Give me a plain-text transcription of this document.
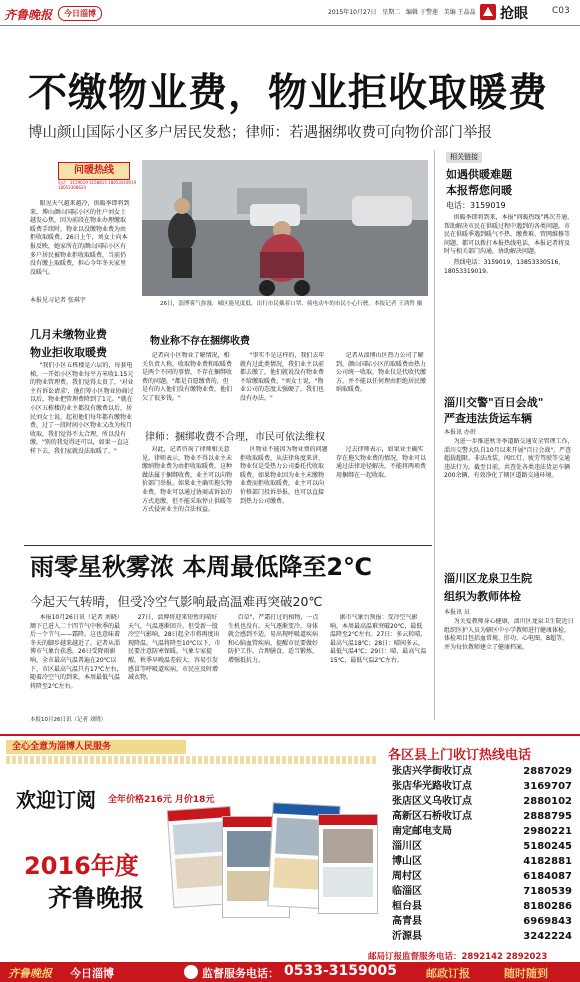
齐鲁晚报	今日淄博	2015年10月27日 星期二 编辑 于警莲 美编 王晶晶 抢眼	C03
不缴物业费，物业拒收取暖费
博山颜山国际小区多户居民发愁；律师：若遇捆绑收费可向物价部门举报
问暖热线
电话：3159019 3158815 18053319019 18053308624

眼见天气越来越冷，供暖季即将到来，博山颜山国际小区的住户刘女士越发心焦，因为前段在物业办理缴取暖费手续时，物业以没缴物业费为由拒收取暖费。26日上午，刘女士向本报反映，她家所在的颜山国际小区有多户居民被物业拒收取暖费，当前仍没有缴上取暖费，担心今年冬天家里没暖气。

本报见习记者 张琪宇	26日，淄博雾气弥漫，城区能见度低，出行市民戴着口罩、骑电动车的市民小心行驶。本报记者 王鸿哲 摄
几月未缴物业费
物业拒收取暖费

"我们小区五栋楼是六层的，每套电梯，一开始小区物业每平方米收1.15元的物业管理费。我们觉得太贵了，'对业主有诉讼请求'，他们筹小区物业协商过以后，物业把管理费降到了1元。"就在小区五栋楼的业主都没有缴费以后，居民刘女士说，起初他们每年都有缴物业费，过了一段时间小区物业又改为按月收取，我们觉得不太合理，所以没有缴。"别的我觉得还可以，如果一直这样下去，我们家就没法取暖了。"

物业称不存在捆绑收费

记者向小区物业了解情况，相关负责人称，收取物业费和取暖费是两个不同的事情，不存在捆绑收费的问题。"都是自愿缴费的，但是有的人他们没有缴物业费，他们欠了很多钱。"

"事实不是这样的，我们去年就有过此类情况，我们业主以前都去缴了，他们就说没有物业费不给缴取暖费。"刘女士说，"物业公司的态度太强硬了，我们也没有办法。"

记者从淄博山区热力公司了解到，颜山国际小区的取暖费由热力公司统一收取，物业仅是代收代缴方，并不能以任何理由拒绝居民缴纳取暖费。

律师：捆绑收费不合理，市民可依法维权

对此，记者咨询了律师相关意见。律师表示，物业不得以业主未缴纳物业费为由拒收取暖费，这种做法属于捆绑收费，业主可以向物价部门举报。如果业主确实拖欠物业费，物业可以通过协商或诉讼的方式追缴，但不能采取停止供暖等方式侵害业主的合法权益。

区物业不能因为物业费的问题拒收取暖费，从法律角度来讲，物业仅是受热力公司委托代收取暖费，如果物业因为业主未缴物业费而拒收取暖费，业主可以向价格部门投诉举报，也可以直接到热力公司缴费。

过去律师表示，如果业主确实存在拖欠物业费的情况，物业可以通过法律途径解决，不能将两项费用捆绑在一起收取。

雨零星秋雾浓 本周最低降至2℃
今起天气转晴，但受冷空气影响最高温难再突破20℃

本报10月26日讯（记者 刘晓）额下已进入二十四节气中秋季的最后一个节气——霜降。这也意味着冬天的脚步越来越近了。记者从淄博市气象台获悉，26日受降雨影响，全市最高气温普遍在20℃以下，市区最高气温只有17℃左右，随着冷空气的到来，本周最低气温将降至2℃左右。

27日，淄博将迎来短暂的晴好天气，气温逐渐回升。但受新一股冷空气影响，28日起全市将再度出现降温，气温将降至10℃以下，市民要注意防寒保暖。气象专家提醒，秋季早晚温差较大，容易引发感冒等呼吸道疾病，市民应及时增减衣物。

百草"，严霜打过的植物，一点生机也没有。天气逐渐变冷，身体就会感到不适，易出现呼吸道疾病和心脑血管疾病，提醒市民要做好防护工作，合理膳食，适当锻炼，增强抵抗力。

据市气象台预报：受冷空气影响，本周最高温难突破20℃，最低温降至2℃左右。27日：多云转晴，最高气温18℃；28日：晴间多云，最低气温4℃；29日：晴，最高气温15℃，最低气温2℃左右。

本报10月26日讯（记者 刘晓）
相关链接
如遇供暖难题
本报帮您问暖
电话：3159019

供暖季即将到来，本报"问暖热线"再次开通，帮助解决市民在供暖过程中遇到的各类问题。市民在供暖季遇到暖气不热、缴费难、管网维修等问题，都可以拨打本报热线电话，本报记者将及时与相关部门沟通，协助解决问题。

热线电话：3159019，13853330516，18053319019。

淄川交警"百日会战"
严查违法货运车辆
本报讯 办班

为进一步推进秋冬季道路交通安全管理工作，淄川交警大队自10月以来开展"百日会战"，严查超载超限、非法改装、闯红灯、疲劳驾驶等交通违法行为。截至目前，共查处各类违法货运车辆200余辆，有效净化了辖区道路交通环境。

淄川区龙泉卫生院
组织为教师体检
本报讯 员

为关爱教师身心健康，淄川区龙泉卫生院近日组织医护人员为辖区中小学教师进行健康体检，体检项目包括血常规、肝功、心电图、B超等，并为每位教师建立了健康档案。

全心全意为淄博人民服务
欢迎订阅 全年价格216元 月价18元
2016年度
齐鲁晚报
各区县上门收订热线电话
张店兴学街收订点	2887029
张店华光路收订点	3169707
张店区义乌收订点	2880102
高新区石桥收订点	2888795
南定邮电支局	2980221
淄川区	5180245
博山区	4182881
周村区	6184087
临淄区	7180539
桓台县	8180286
高青县	6969843
沂源县	3242224
邮局订报监督服务电话：2892142 2892023
齐鲁晚报 今日淄博	监督服务电话： 0533-3159005	邮政订报	随时随到
